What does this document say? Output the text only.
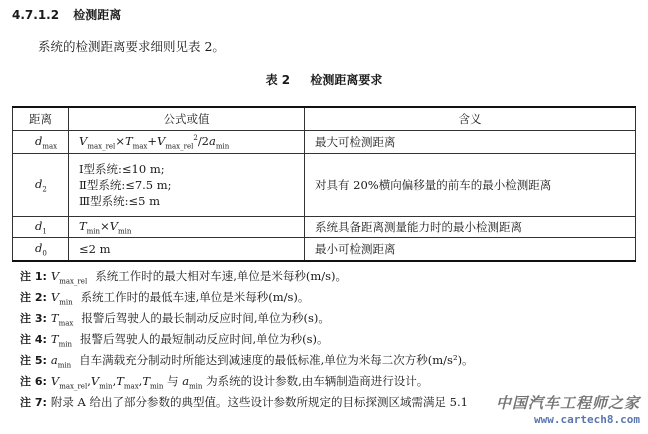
4.7.1.2 检测距离
系统的检测距离要求细则见表 2。
表 2 检测距离要求
距离	公式或值	含义
$d_{max}$	$V_{max\_rel}\times T_{max}+V_{max\_rel}^2/2a_{min}$	最大可检测距离
$d_2$	Ⅰ型系统:≤10 m;
Ⅱ型系统:≤7.5 m;
Ⅲ型系统:≤5 m	对具有 20%横向偏移量的前车的最小检测距离
$d_1$	$T_{min}\times V_{min}$	系统具备距离测量能力时的最小检测距离
$d_0$	≤2 m	最小可检测距离
注 1: $V_{max\_rel}$ 系统工作时的最大相对车速,单位是米每秒(m/s)。
注 2: $V_{min}$ 系统工作时的最低车速,单位是米每秒(m/s)。
注 3: $T_{max}$ 报警后驾驶人的最长制动反应时间,单位为秒(s)。
注 4: $T_{min}$ 报警后驾驶人的最短制动反应时间,单位为秒(s)。
注 5: $a_{min}$ 自车满载充分制动时所能达到减速度的最低标准,单位为米每二次方秒(m/s²)。
注 6: $V_{max\_rel},V_{min},T_{max},T_{min}$ 与 $a_{min}$ 为系统的设计参数,由车辆制造商进行设计。
注 7: 附录 A 给出了部分参数的典型值。这些设计参数所规定的目标探测区域需满足 5.1	中国汽车工程师之家
www.cartech8.com
